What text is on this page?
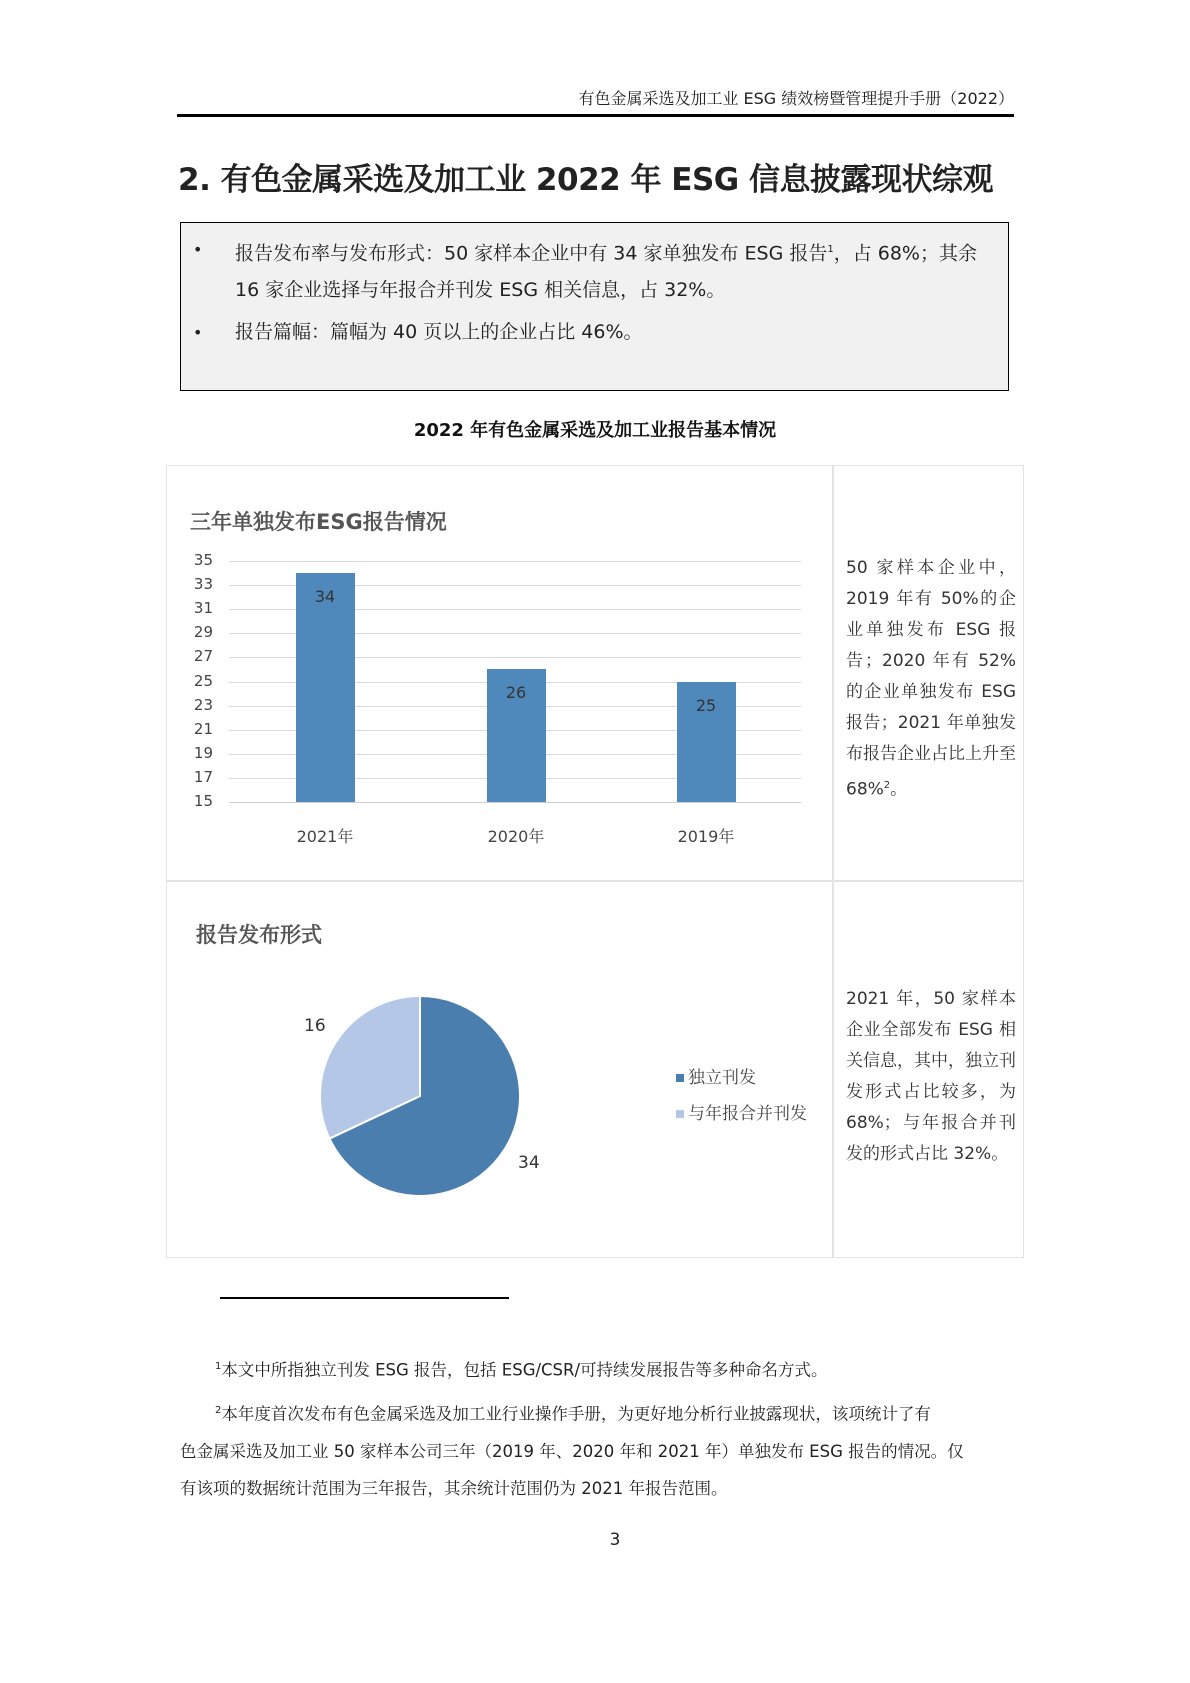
有色金属采选及加工业 ESG 绩效榜暨管理提升手册（2022）
2. 有色金属采选及加工业 2022 年 ESG 信息披露现状综观
• 报告发布率与发布形式：50 家样本企业中有 34 家单独发布 ESG 报告$^1$，占 68%；其余
16 家企业选择与年报合并刊发 ESG 相关信息，占 32%。
• 报告篇幅：篇幅为 40 页以上的企业占比 46%。
2022 年有色金属采选及加工业报告基本情况
三年单独发布ESG报告情况
50 家样本企业中，2019 年有 50%的企业单独发布 ESG 报告；2020 年有 52%的企业单独发布 ESG 报告；2021 年单独发布报告企业占比上升至 68%$^2$。
报告发布形式
16
34
独立刊发
与年报合并刊发
2021 年，50 家样本企业全部发布 ESG 相关信息，其中，独立刊发形式占比较多，为 68%；与年报合并刊发的形式占比 32%。
$^1$本文中所指独立刊发 ESG 报告，包括 ESG/CSR/可持续发展报告等多种命名方式。
$^2$本年度首次发布有色金属采选及加工业行业操作手册，为更好地分析行业披露现状，该项统计了有
色金属采选及加工业 50 家样本公司三年（2019 年、2020 年和 2021 年）单独发布 ESG 报告的情况。仅
有该项的数据统计范围为三年报告，其余统计范围仍为 2021 年报告范围。
3
35
33
31
29
27
25
23
21
19
17
15
34
2021年
26
2020年
25
2019年
